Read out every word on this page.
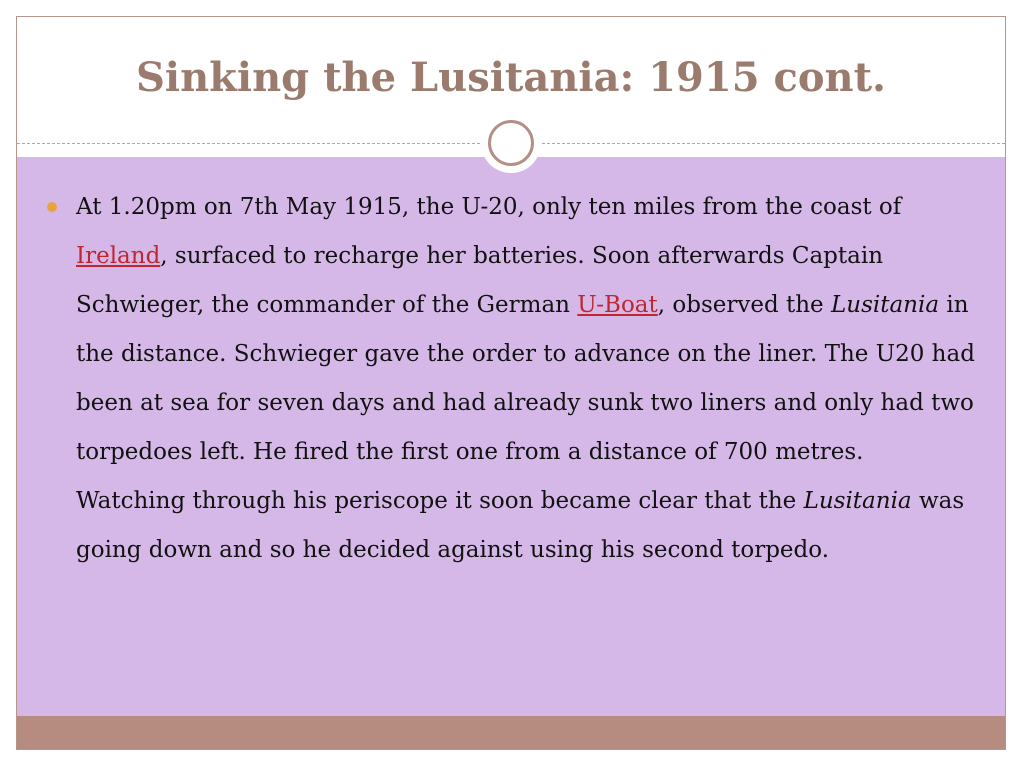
Sinking the Lusitania: 1915 cont.
At 1.20pm on 7th May 1915, the U-20, only ten miles from the coast of Ireland, surfaced to recharge her batteries. Soon afterwards Captain Schwieger, the commander of the German U-Boat, observed the Lusitania in the distance. Schwieger gave the order to advance on the liner. The U20 had been at sea for seven days and had already sunk two liners and only had two torpedoes left. He fired the first one from a distance of 700 metres. Watching through his periscope it soon became clear that the Lusitania was going down and so he decided against using his second torpedo.
